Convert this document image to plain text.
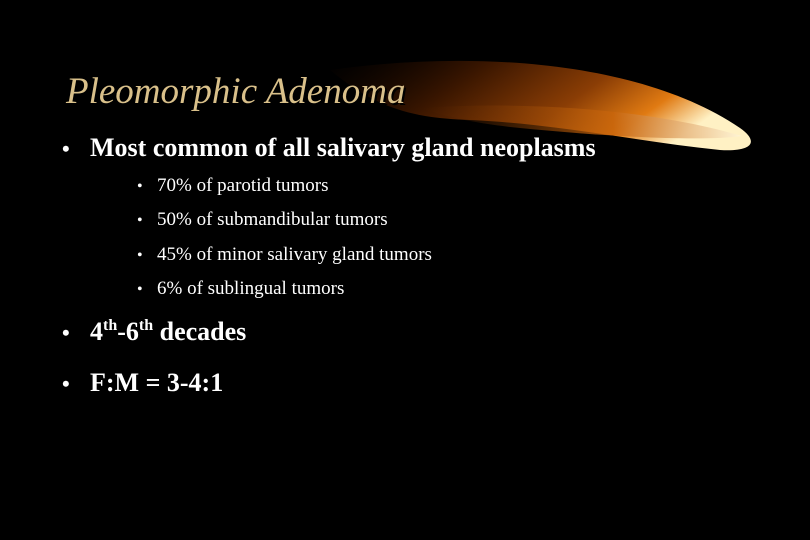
Pleomorphic Adenoma
• Most common of all salivary gland neoplasms
• 70% of parotid tumors
• 50% of submandibular tumors
• 45% of minor salivary gland tumors
• 6% of sublingual tumors
• 4th-6th decades
• F:M = 3-4:1
